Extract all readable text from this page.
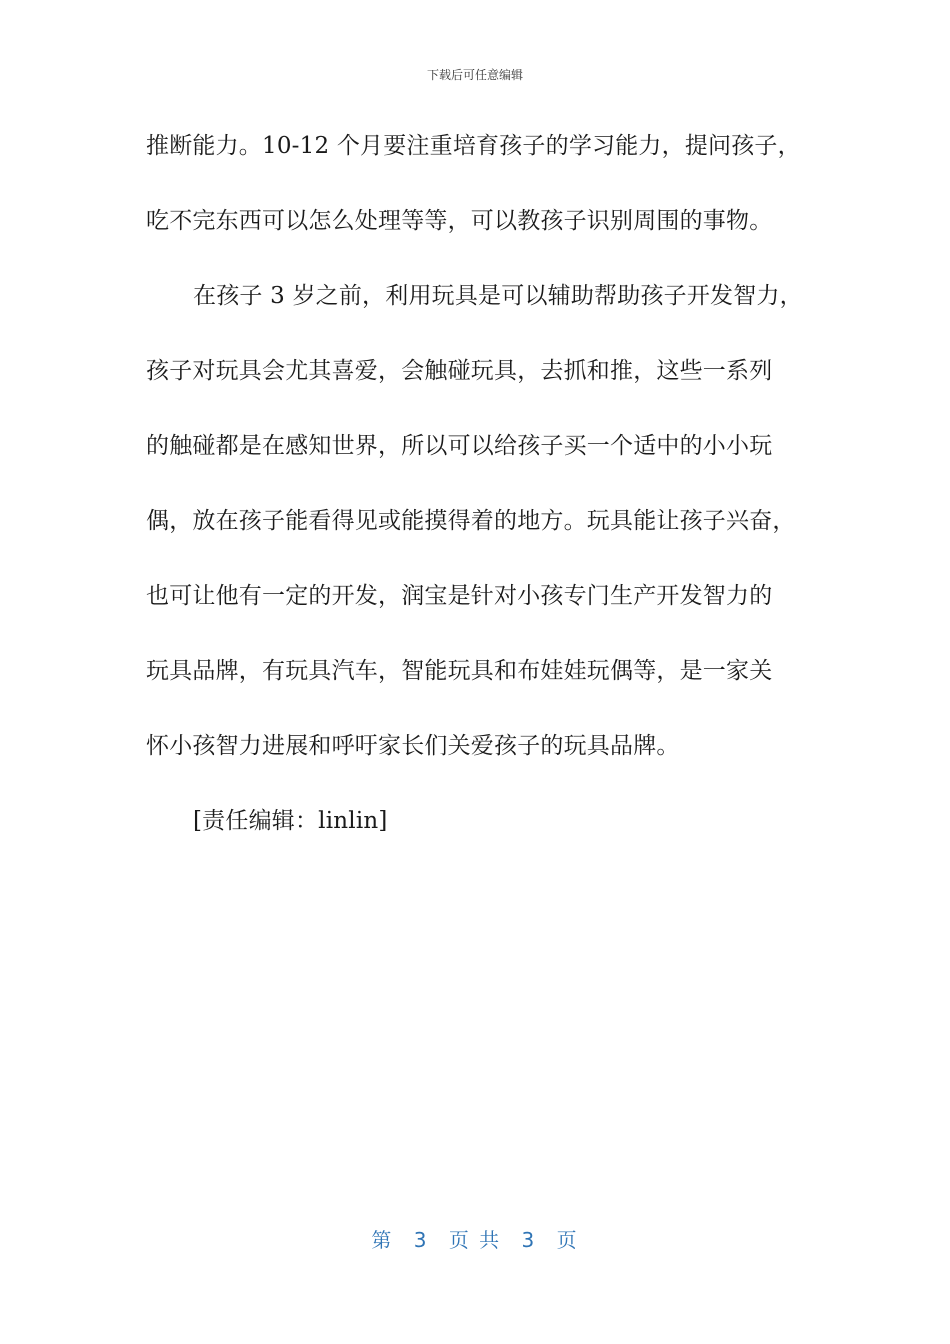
下载后可任意编辑
推断能力。10-12 个月要注重培育孩子的学习能力，提问孩子，
吃不完东西可以怎么处理等等，可以教孩子识别周围的事物。
在孩子 3 岁之前，利用玩具是可以辅助帮助孩子开发智力，
孩子对玩具会尤其喜爱，会触碰玩具，去抓和推，这些一系列
的触碰都是在感知世界，所以可以给孩子买一个适中的小小玩
偶，放在孩子能看得见或能摸得着的地方。玩具能让孩子兴奋，
也可让他有一定的开发，润宝是针对小孩专门生产开发智力的
玩具品牌，有玩具汽车，智能玩具和布娃娃玩偶等，是一家关
怀小孩智力进展和呼吁家长们关爱孩子的玩具品牌。
[责任编辑：linlin]
第 3 页 共 3 页
